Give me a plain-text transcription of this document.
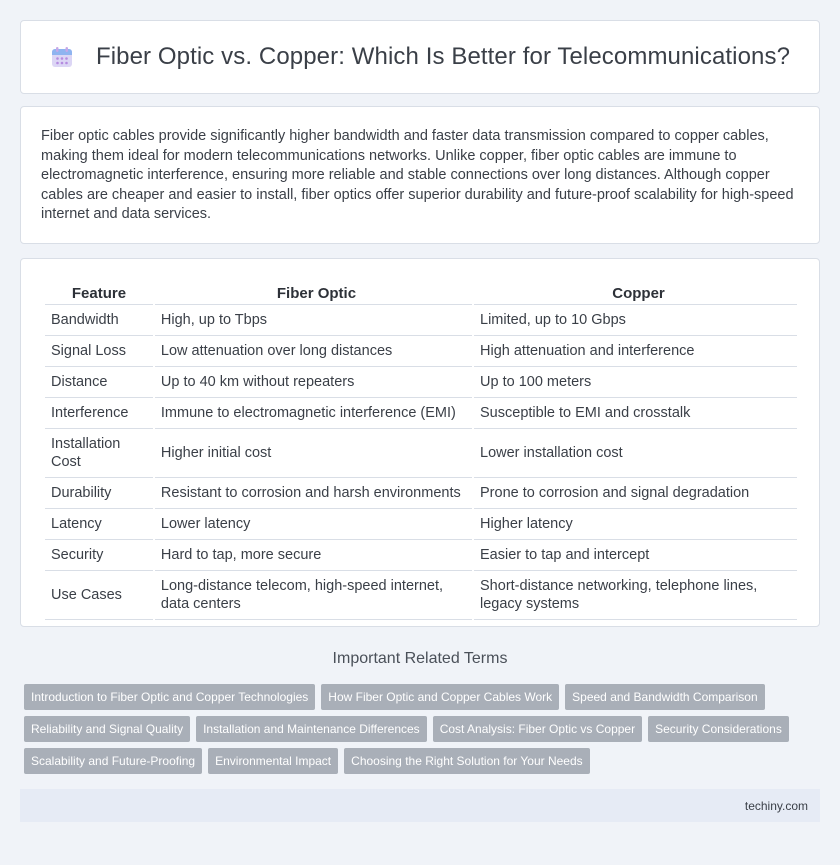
Fiber Optic vs. Copper: Which Is Better for Telecommunications?

Fiber optic cables provide significantly higher bandwidth and faster data transmission compared to copper cables, making them ideal for modern telecommunications networks. Unlike copper, fiber optic cables are immune to electromagnetic interference, ensuring more reliable and stable connections over long distances. Although copper cables are cheaper and easier to install, fiber optics offer superior durability and future-proof scalability for high-speed internet and data services.

Feature	Fiber Optic	Copper
Bandwidth	High, up to Tbps	Limited, up to 10 Gbps
Signal Loss	Low attenuation over long distances	High attenuation and interference
Distance	Up to 40 km without repeaters	Up to 100 meters
Interference	Immune to electromagnetic interference (EMI)	Susceptible to EMI and crosstalk
Installation Cost	Higher initial cost	Lower installation cost
Durability	Resistant to corrosion and harsh environments	Prone to corrosion and signal degradation
Latency	Lower latency	Higher latency
Security	Hard to tap, more secure	Easier to tap and intercept
Use Cases	Long-distance telecom, high-speed internet, data centers	Short-distance networking, telephone lines, legacy systems
Important Related Terms
Introduction to Fiber Optic and Copper Technologies	How Fiber Optic and Copper Cables Work	Speed and Bandwidth Comparison
Reliability and Signal Quality	Installation and Maintenance Differences	Cost Analysis: Fiber Optic vs Copper	Security Considerations
Scalability and Future-Proofing	Environmental Impact	Choosing the Right Solution for Your Needs
techiny.com
